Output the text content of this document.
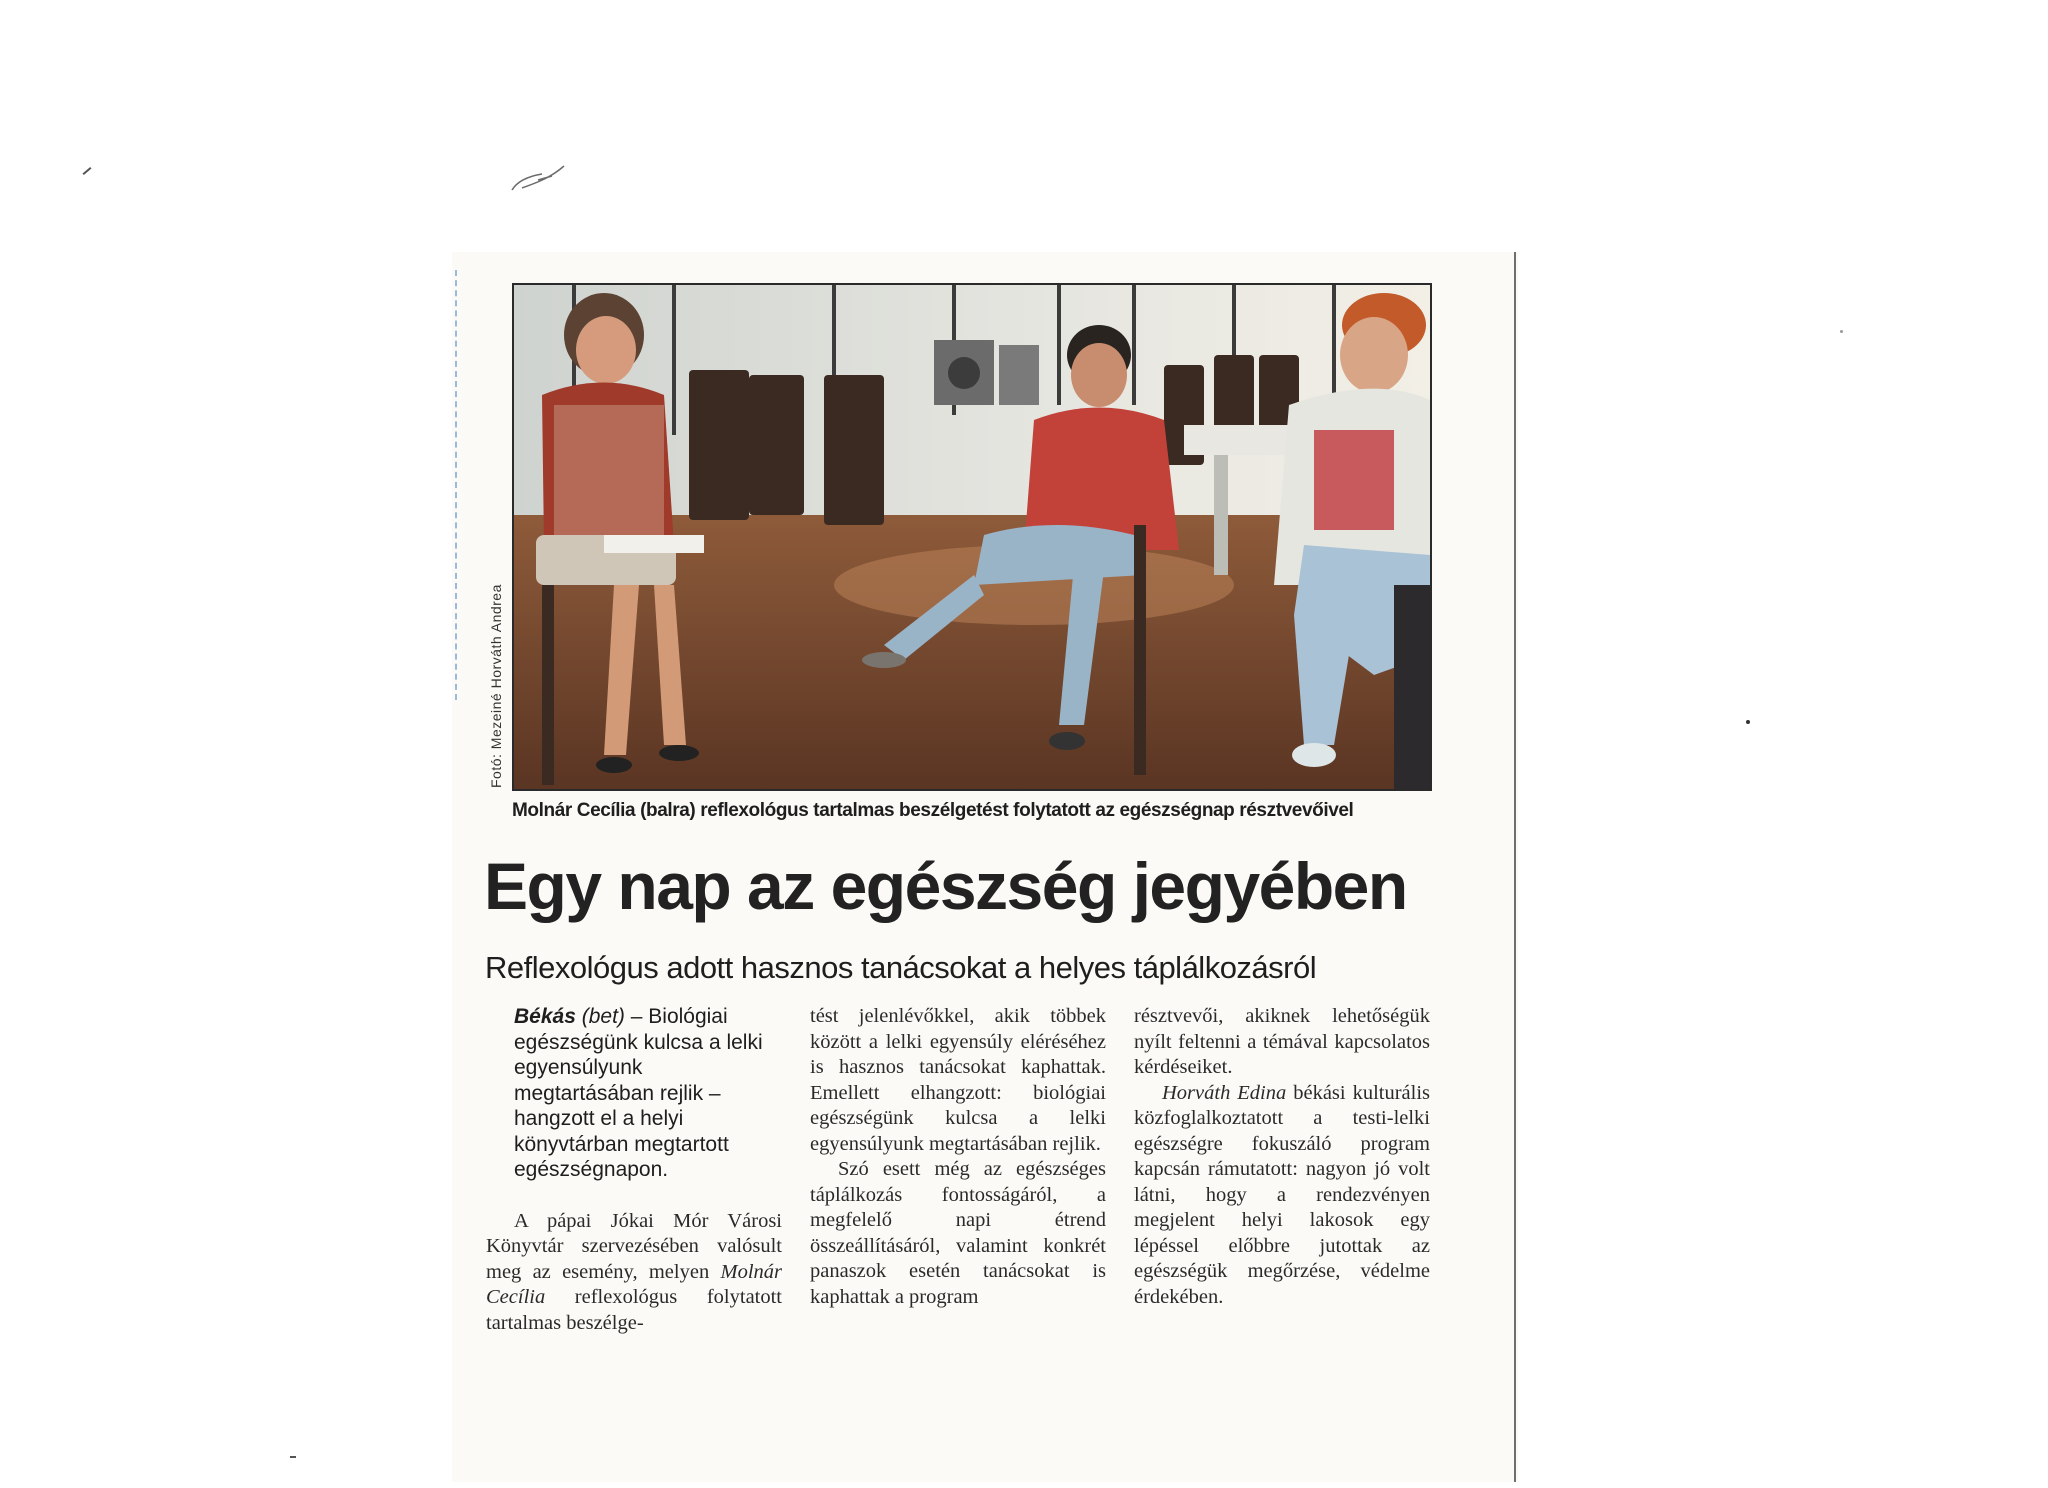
Fotó: Mezeiné Horváth Andrea
Molnár Cecília (balra) reflexológus tartalmas beszélgetést folytatott az egészségnap résztvevőivel
Egy nap az egészség jegyében
Reflexológus adott hasznos tanácsokat a helyes táplálkozásról
Békás (bet) – Biológiai egészségünk kulcsa a lelki egyensúlyunk megtartásában rejlik – hangzott el a helyi könyvtárban megtartott egészségnapon.

A pápai Jókai Mór Városi Könyvtár szervezésében valósult meg az esemény, melyen Molnár Cecília reflexológus folytatott tartalmas beszélge-

tést jelenlévőkkel, akik többek között a lelki egyensúly eléréséhez is hasznos tanácsokat kaphattak. Emellett elhangzott: biológiai egészségünk kulcsa a lelki egyensúlyunk megtartásában rejlik.

Szó esett még az egészséges táplálkozás fontosságáról, a megfelelő napi étrend összeállításáról, valamint konkrét panaszok esetén tanácsokat is kaphattak a program

résztvevői, akiknek lehetőségük nyílt feltenni a témával kapcsolatos kérdéseiket.

Horváth Edina békási kulturális közfoglalkoztatott a testi-lelki egészségre fokuszáló program kapcsán rámutatott: nagyon jó volt látni, hogy a rendezvényen megjelent helyi lakosok egy lépéssel előbbre jutottak az egészségük megőrzése, védelme érdekében.
